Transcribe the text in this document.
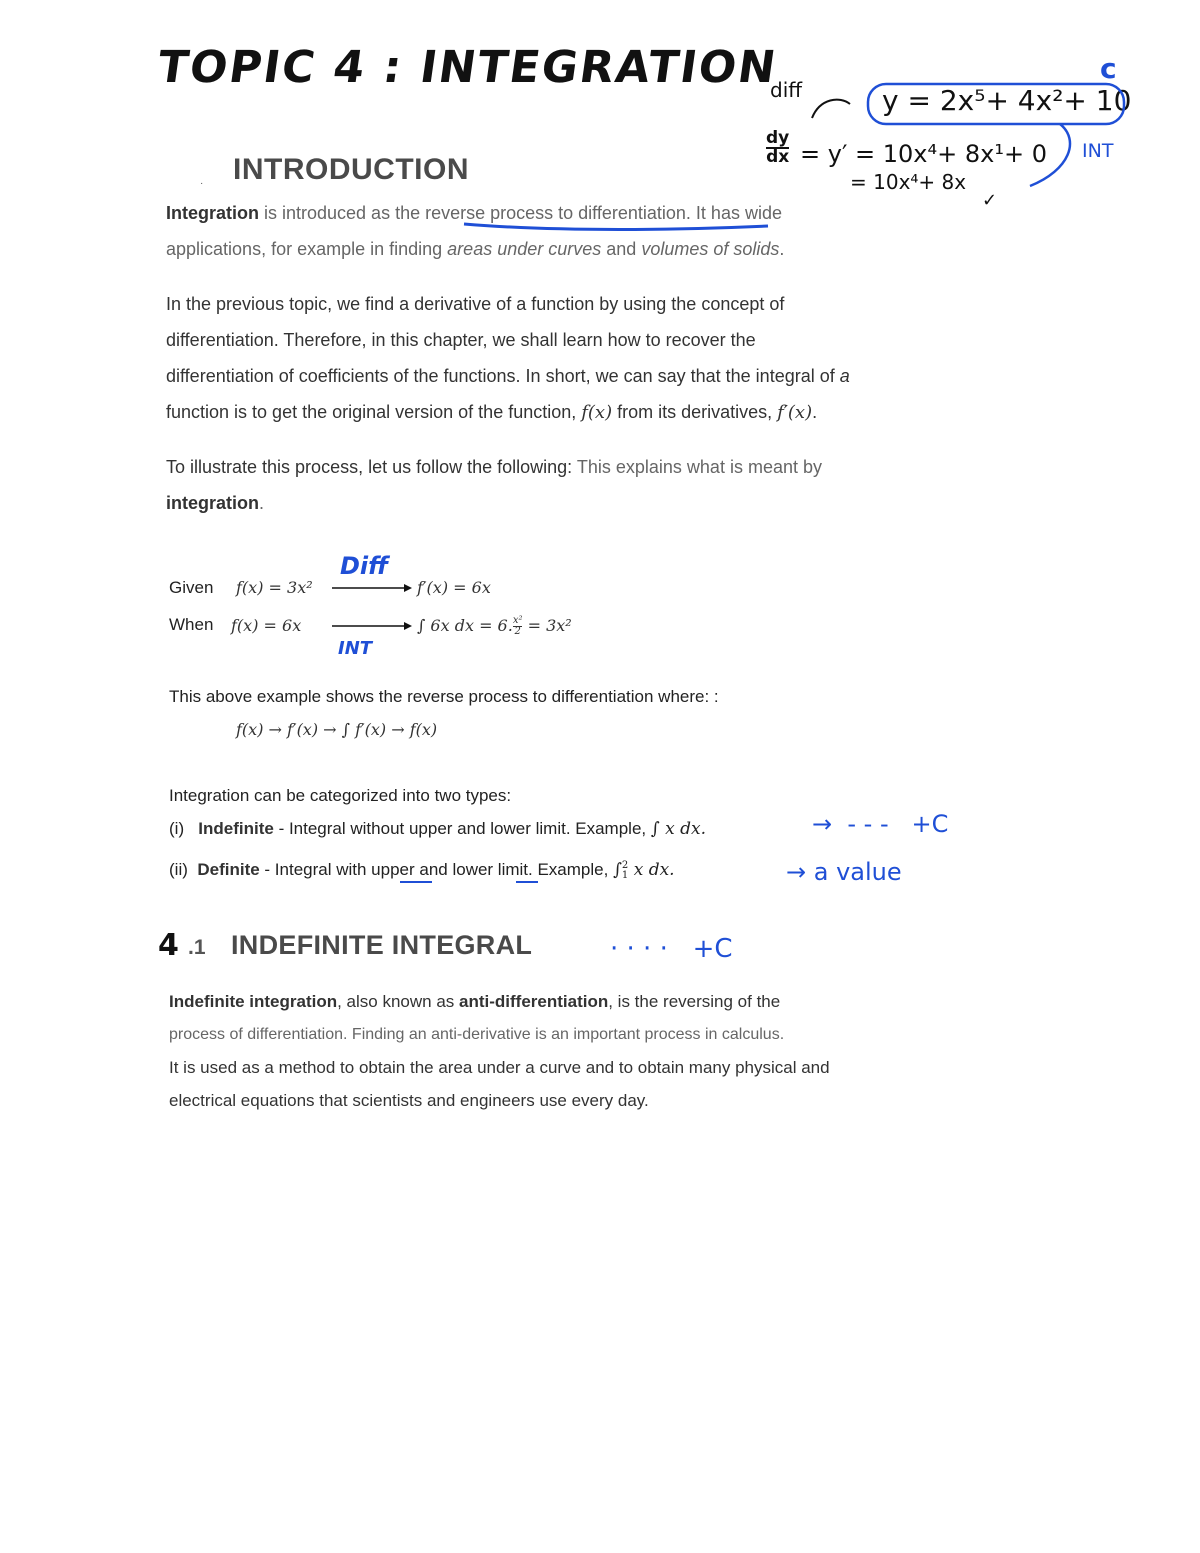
TOPIC 4 : INTEGRATION
diff	y = 2x⁵+ 4x²+ 10
c
dy
dx = y′ = 10x⁴+ 8x¹+ 0
= 10x⁴+ 8x
INT
✓
· INTRODUCTION
Integration is introduced as the reverse process to differentiation. It has wide
applications, for example in finding areas under curves and volumes of solids.
In the previous topic, we find a derivative of a function by using the concept of
differentiation. Therefore, in this chapter, we shall learn how to recover the
differentiation of coefficients of the functions. In short, we can say that the integral of a
function is to get the original version of the function, f(x) from its derivatives, f′(x).
To illustrate this process, let us follow the following: This explains what is meant by
integration.
Given f(x) = 3x²	f′(x) = 6x
Diff
When f(x) = 6x	∫ 6x dx = 6. $\frac{\text{x²}}{2} = 3x^2$
INT
This above example shows the reverse process to differentiation where: :
f(x) → f′(x) → ∫ f′(x) → f(x)
Integration can be categorized into two types:
(i) Indefinite - Integral without upper and lower limit. Example, ∫ x dx.
(ii) Definite - Integral with upper and lower limit. Example, ∫ 2
1 x dx.
→  - - -   +C
→ a value
4 .1 INDEFINITE INTEGRAL	· · · ·   +C
Indefinite integration, also known as anti-differentiation, is the reversing of the
process of differentiation. Finding an anti-derivative is an important process in calculus.
It is used as a method to obtain the area under a curve and to obtain many physical and
electrical equations that scientists and engineers use every day.
